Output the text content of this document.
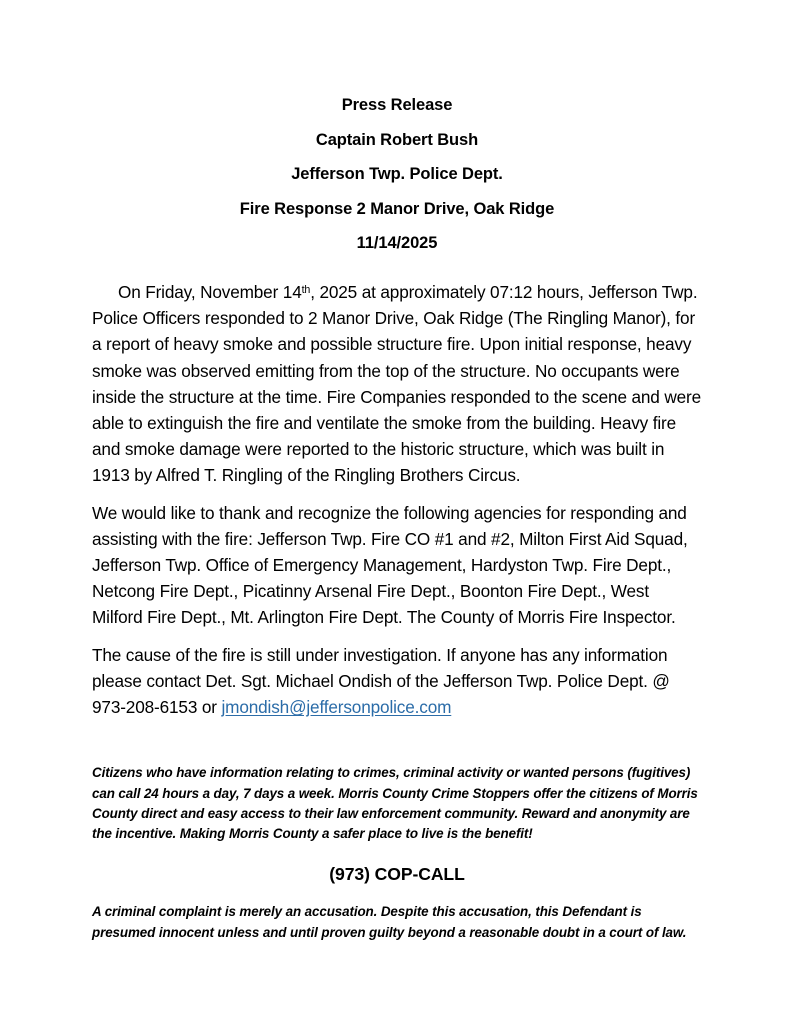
Press Release
Captain Robert Bush
Jefferson Twp. Police Dept.
Fire Response 2 Manor Drive, Oak Ridge
11/14/2025

On Friday, November 14th, 2025 at approximately 07:12 hours, Jefferson Twp. Police Officers responded to 2 Manor Drive, Oak Ridge (The Ringling Manor), for a report of heavy smoke and possible structure fire. Upon initial response, heavy smoke was observed emitting from the top of the structure. No occupants were inside the structure at the time. Fire Companies responded to the scene and were able to extinguish the fire and ventilate the smoke from the building. Heavy fire and smoke damage were reported to the historic structure, which was built in 1913 by Alfred T. Ringling of the Ringling Brothers Circus.

We would like to thank and recognize the following agencies for responding and assisting with the fire: Jefferson Twp. Fire CO #1 and #2, Milton First Aid Squad, Jefferson Twp. Office of Emergency Management, Hardyston Twp. Fire Dept., Netcong Fire Dept., Picatinny Arsenal Fire Dept., Boonton Fire Dept., West Milford Fire Dept., Mt. Arlington Fire Dept. The County of Morris Fire Inspector.

The cause of the fire is still under investigation. If anyone has any information please contact Det. Sgt. Michael Ondish of the Jefferson Twp. Police Dept. @ 973-208-6153 or jmondish@jeffersonpolice.com

Citizens who have information relating to crimes, criminal activity or wanted persons (fugitives) can call 24 hours a day, 7 days a week. Morris County Crime Stoppers offer the citizens of Morris County direct and easy access to their law enforcement community. Reward and anonymity are the incentive. Making Morris County a safer place to live is the benefit!
(973) COP-CALL
A criminal complaint is merely an accusation. Despite this accusation, this Defendant is presumed innocent unless and until proven guilty beyond a reasonable doubt in a court of law.
